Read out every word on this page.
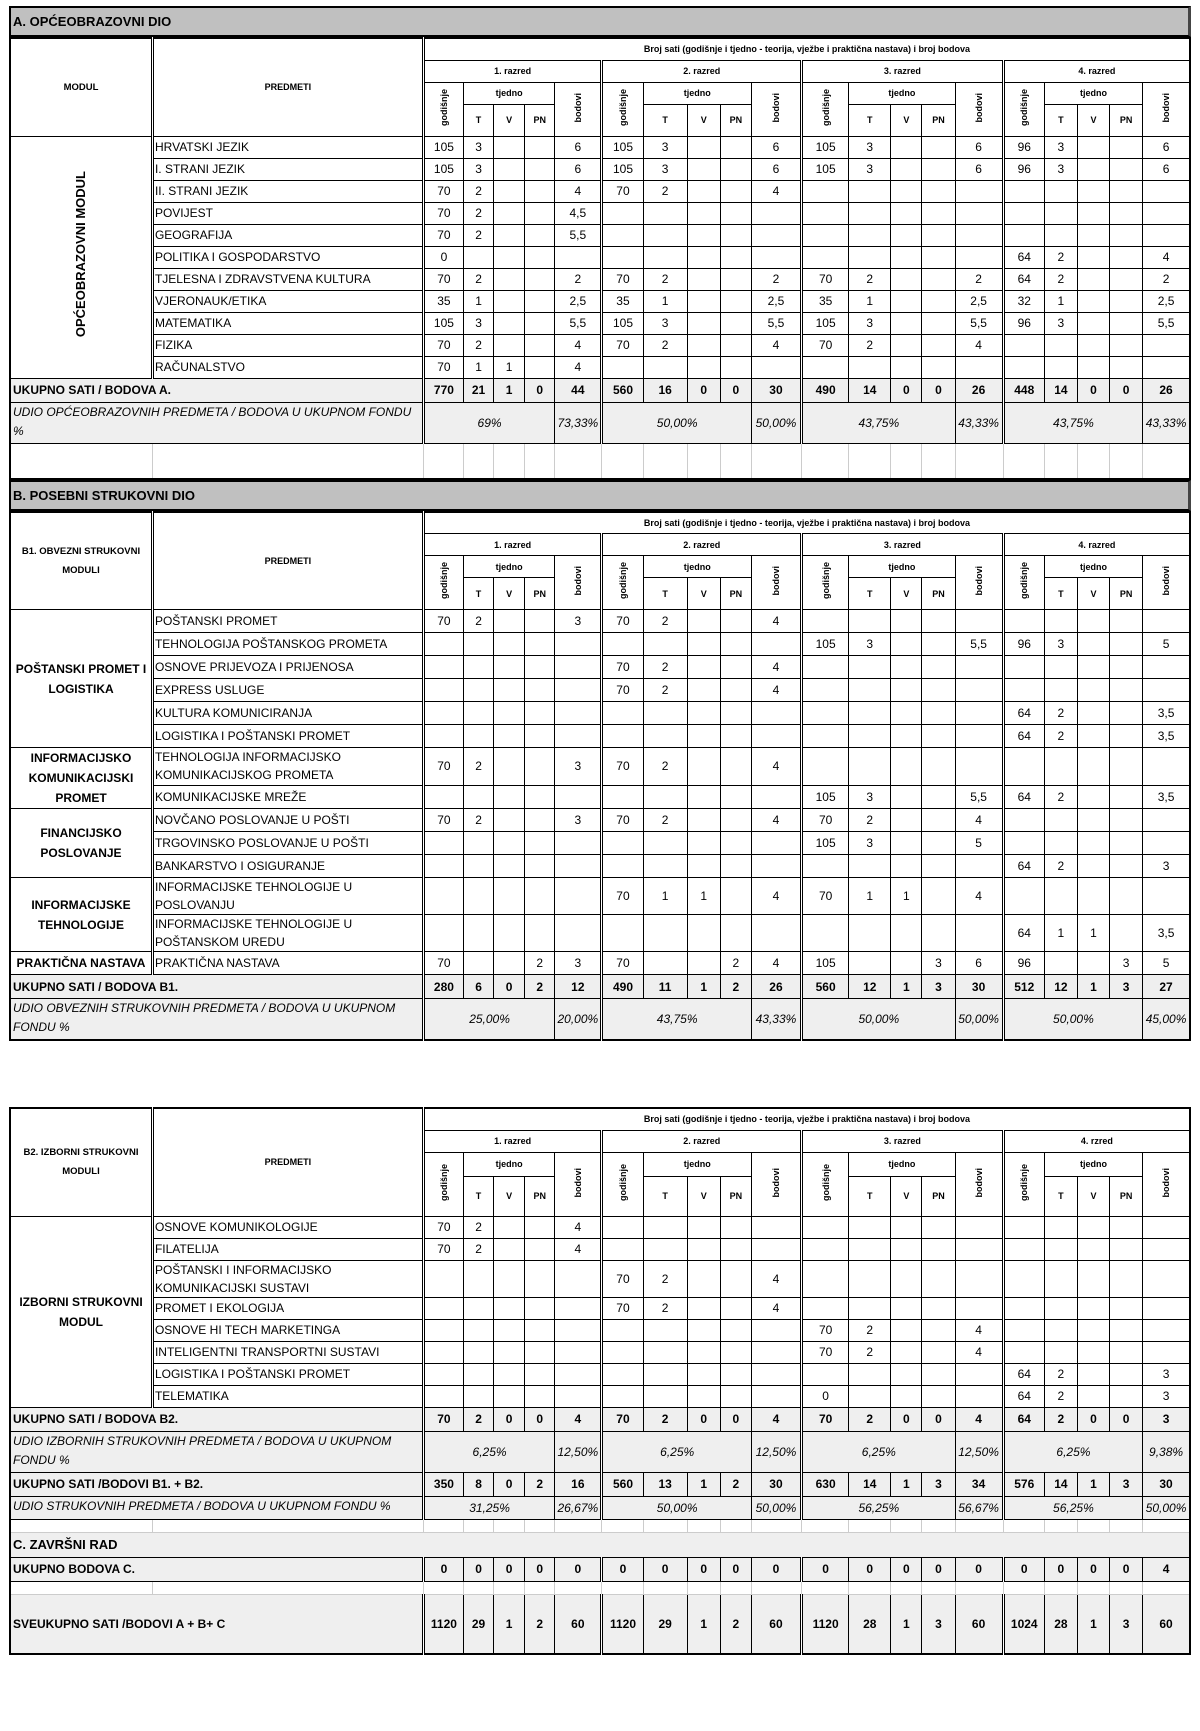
A. OPĆEOBRAZOVNI DIO
MODUL	PREDMETI	Broj sati (godišnje i tjedno - teorija, vježbe i praktična nastava) i broj bodova																			
		1. razred					2. razred					3. razred					4. razred				
		godišnje	tjedno			bodovi	godišnje	tjedno			bodovi	godišnje	tjedno			bodovi	godišnje	tjedno			bodovi
			T	V	PN			T	V	PN			T	V	PN			T	V	PN	
OPĆEOBRAZOVNI MODUL	HRVATSKI JEZIK	105	3			6	105	3			6	105	3			6	96	3			6
	I. STRANI JEZIK	105	3			6	105	3			6	105	3			6	96	3			6
	II. STRANI JEZIK	70	2			4	70	2			4										
	POVIJEST	70	2			4,5															
	GEOGRAFIJA	70	2			5,5															
	POLITIKA I GOSPODARSTVO	0															64	2			4
	TJELESNA I ZDRAVSTVENA KULTURA	70	2			2	70	2			2	70	2			2	64	2			2
	VJERONAUK/ETIKA	35	1			2,5	35	1			2,5	35	1			2,5	32	1			2,5
	MATEMATIKA	105	3			5,5	105	3			5,5	105	3			5,5	96	3			5,5
	FIZIKA	70	2			4	70	2			4	70	2			4					
	RAČUNALSTVO	70	1	1		4															
UKUPNO SATI / BODOVA A.		770	21	1	0	44	560	16	0	0	30	490	14	0	0	26	448	14	0	0	26
UDIO OPĆEOBRAZOVNIH PREDMETA / BODOVA U UKUPNOM FONDU %		69%				73,33%	50,00%				50,00%	43,75%				43,33%	43,75%				43,33%

B. POSEBNI STRUKOVNI DIO
B1. OBVEZNI STRUKOVNI MODULI	PREDMETI	Broj sati (godišnje i tjedno - teorija, vježbe i praktična nastava) i broj bodova																			
		1. razred					2. razred					3. razred					4. razred				
		godišnje	tjedno			bodovi	godišnje	tjedno			bodovi	godišnje	tjedno			bodovi	godišnje	tjedno			bodovi
			T	V	PN			T	V	PN			T	V	PN			T	V	PN	
POŠTANSKI PROMET I LOGISTIKA	POŠTANSKI PROMET	70	2			3	70	2			4										
	TEHNOLOGIJA POŠTANSKOG PROMETA											105	3			5,5	96	3			5
	OSNOVE PRIJEVOZA I PRIJENOSA						70	2			4										
	EXPRESS USLUGE						70	2			4										
	KULTURA KOMUNICIRANJA																64	2			3,5
	LOGISTIKA I POŠTANSKI PROMET																64	2			3,5
INFORMACIJSKO KOMUNIKACIJSKI PROMET	TEHNOLOGIJA INFORMACIJSKO KOMUNIKACIJSKOG PROMETA	70	2			3	70	2			4										
	KOMUNIKACIJSKE MREŽE											105	3			5,5	64	2			3,5
FINANCIJSKO POSLOVANJE	NOVČANO POSLOVANJE U POŠTI	70	2			3	70	2			4	70	2			4					
	TRGOVINSKO POSLOVANJE U POŠTI											105	3			5					
	BANKARSTVO I OSIGURANJE																64	2			3
INFORMACIJSKE TEHNOLOGIJE	INFORMACIJSKE TEHNOLOGIJE U POSLOVANJU						70	1	1		4	70	1	1		4					
	INFORMACIJSKE TEHNOLOGIJE U POŠTANSKOM UREDU																64	1	1		3,5
PRAKTIČNA NASTAVA	PRAKTIČNA NASTAVA	70			2	3	70			2	4	105			3	6	96			3	5
UKUPNO SATI / BODOVA B1.		280	6	0	2	12	490	11	1	2	26	560	12	1	3	30	512	12	1	3	27
UDIO OBVEZNIH STRUKOVNIH PREDMETA / BODOVA U UKUPNOM FONDU %		25,00%				20,00%	43,75%				43,33%	50,00%				50,00%	50,00%				45,00%
B2. IZBORNI STRUKOVNI MODULI	PREDMETI	Broj sati (godišnje i tjedno - teorija, vježbe i praktična nastava) i broj bodova																			
		1. razred					2. razred					3. razred					4. rzred				
		godišnje	tjedno			bodovi	godišnje	tjedno			bodovi	godišnje	tjedno			bodovi	godišnje	tjedno			bodovi
			T	V	PN			T	V	PN			T	V	PN			T	V	PN	
IZBORNI STRUKOVNI MODUL	OSNOVE KOMUNIKOLOGIJE	70	2			4															
	FILATELIJA	70	2			4															
	POŠTANSKI I INFORMACIJSKO KOMUNIKACIJSKI SUSTAVI						70	2			4										
	PROMET I EKOLOGIJA						70	2			4										
	OSNOVE HI TECH MARKETINGA											70	2			4					
	INTELIGENTNI TRANSPORTNI SUSTAVI											70	2			4					
	LOGISTIKA I POŠTANSKI PROMET																64	2			3
	TELEMATIKA											0					64	2			3
UKUPNO SATI / BODOVA B2.		70	2	0	0	4	70	2	0	0	4	70	2	0	0	4	64	2	0	0	3
UDIO IZBORNIH STRUKOVNIH PREDMETA / BODOVA U UKUPNOM FONDU %		6,25%				12,50%	6,25%				12,50%	6,25%				12,50%	6,25%				9,38%
UKUPNO SATI /BODOVI B1. + B2.		350	8	0	2	16	560	13	1	2	30	630	14	1	3	34	576	14	1	3	30
UDIO STRUKOVNIH PREDMETA / BODOVA U UKUPNOM FONDU %		31,25%				26,67%	50,00%				50,00%	56,25%				56,67%	56,25%				50,00%

C. ZAVRŠNI RAD																					
UKUPNO BODOVA C.		0	0	0	0	0	0	0	0	0	0	0	0	0	0	0	0	0	0	0	4

SVEUKUPNO SATI /BODOVI A + B+ C		1120	29	1	2	60	1120	29	1	2	60	1120	28	1	3	60	1024	28	1	3	60
